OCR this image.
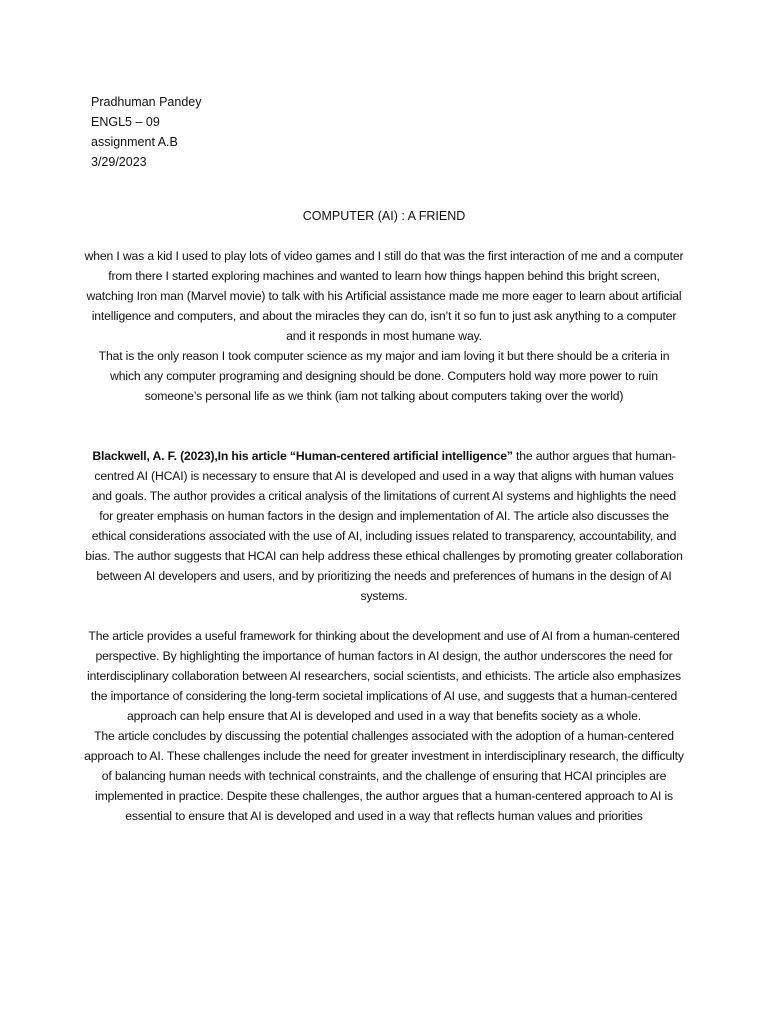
Pradhuman Pandey
ENGL5 – 09
assignment A.B
3/29/2023
COMPUTER (AI) : A FRIEND

when I was a kid I used to play lots of video games and I still do that was the first interaction of me and a computer from there I started exploring machines and wanted to learn how things happen behind this bright screen, watching Iron man (Marvel movie) to talk with his Artificial assistance made me more eager to learn about artificial intelligence and computers, and about the miracles they can do, isn’t it so fun to just ask anything to a computer and it responds in most humane way.

That is the only reason I took computer science as my major and iam loving it but there should be a criteria in which any computer programing and designing should be done. Computers hold way more power to ruin someone’s personal life as we think (iam not talking about computers taking over the world)

Blackwell, A. F. (2023),In his article “Human-centered artificial intelligence” the author argues that human-centred AI (HCAI) is necessary to ensure that AI is developed and used in a way that aligns with human values and goals. The author provides a critical analysis of the limitations of current AI systems and highlights the need for greater emphasis on human factors in the design and implementation of AI. The article also discusses the ethical considerations associated with the use of AI, including issues related to transparency, accountability, and bias. The author suggests that HCAI can help address these ethical challenges by promoting greater collaboration between AI developers and users, and by prioritizing the needs and preferences of humans in the design of AI systems.

The article provides a useful framework for thinking about the development and use of AI from a human-centered perspective. By highlighting the importance of human factors in AI design, the author underscores the need for interdisciplinary collaboration between AI researchers, social scientists, and ethicists. The article also emphasizes the importance of considering the long-term societal implications of AI use, and suggests that a human-centered approach can help ensure that AI is developed and used in a way that benefits society as a whole.

The article concludes by discussing the potential challenges associated with the adoption of a human-centered approach to AI. These challenges include the need for greater investment in interdisciplinary research, the difficulty of balancing human needs with technical constraints, and the challenge of ensuring that HCAI principles are implemented in practice. Despite these challenges, the author argues that a human-centered approach to AI is essential to ensure that AI is developed and used in a way that reflects human values and priorities
